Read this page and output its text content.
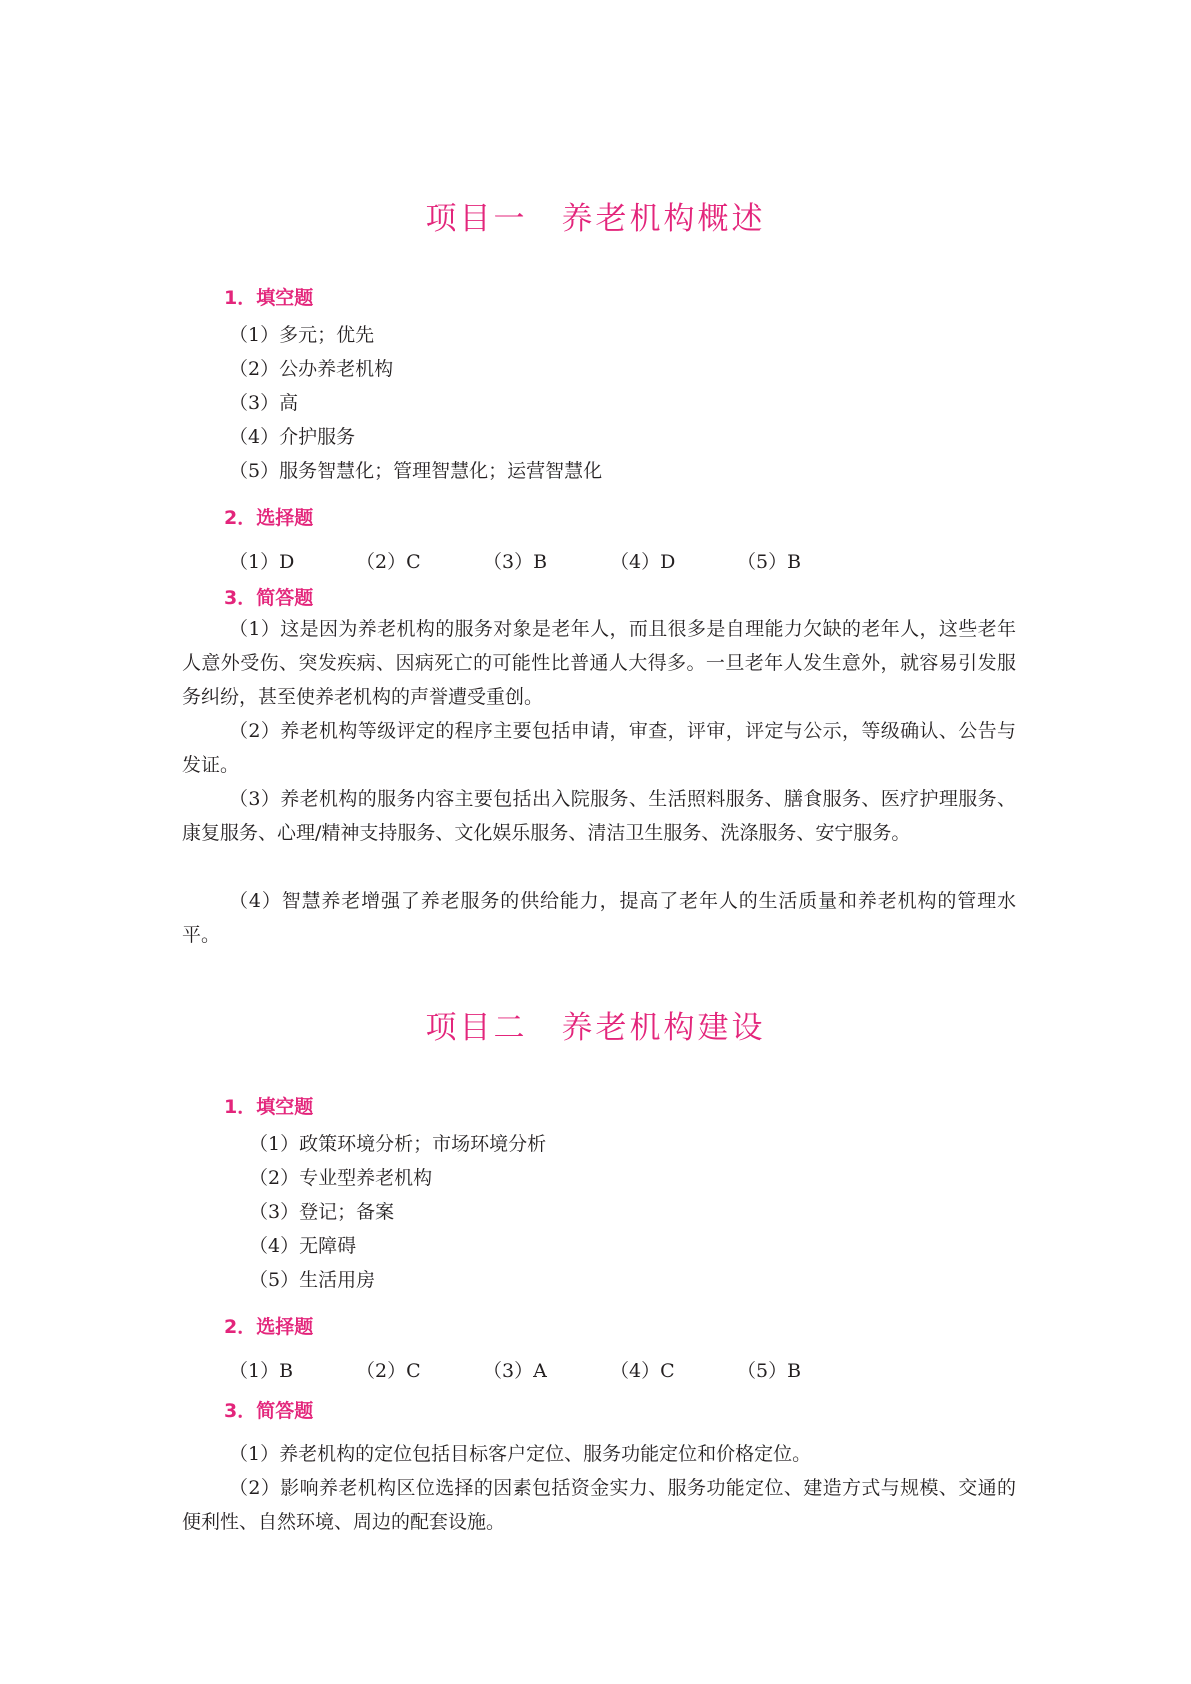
项目一 养老机构概述
1．填空题
（1）多元；优先
（2）公办养老机构
（3）高
（4）介护服务
（5）服务智慧化；管理智慧化；运营智慧化
2．选择题
（1）D	（2）C	（3）B	（4）D	（5）B
3．简答题
（1）这是因为养老机构的服务对象是老年人，而且很多是自理能力欠缺的老年人，这些老年人意外受伤、突发疾病、因病死亡的可能性比普通人大得多。一旦老年人发生意外，就容易引发服务纠纷，甚至使养老机构的声誉遭受重创。
（2）养老机构等级评定的程序主要包括申请，审查，评审，评定与公示，等级确认、公告与发证。
（3）养老机构的服务内容主要包括出入院服务、生活照料服务、膳食服务、医疗护理服务、康复服务、心理/精神支持服务、文化娱乐服务、清洁卫生服务、洗涤服务、安宁服务。
（4）智慧养老增强了养老服务的供给能力，提高了老年人的生活质量和养老机构的管理水平。
项目二 养老机构建设
1．填空题
（1）政策环境分析；市场环境分析
（2）专业型养老机构
（3）登记；备案
（4）无障碍
（5）生活用房
2．选择题
（1）B	（2）C	（3）A	（4）C	（5）B
3．简答题
（1）养老机构的定位包括目标客户定位、服务功能定位和价格定位。
（2）影响养老机构区位选择的因素包括资金实力、服务功能定位、建造方式与规模、交通的便利性、自然环境、周边的配套设施。
